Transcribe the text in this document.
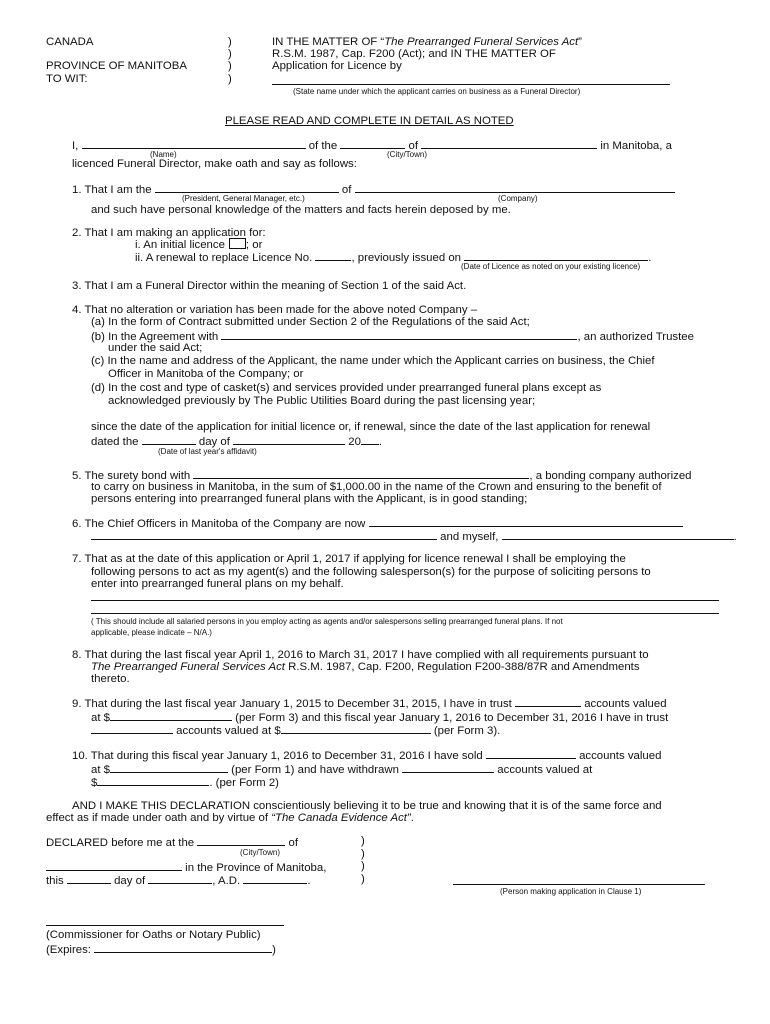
CANADA
PROVINCE OF MANITOBA
TO WIT:
)
)
)
)
IN THE MATTER OF “The Prearranged Funeral Services Act”
R.S.M. 1987, Cap. F200 (Act); and IN THE MATTER OF
Application for Licence by
(State name under which the applicant carries on business as a Funeral Director)
PLEASE READ AND COMPLETE IN DETAIL AS NOTED
I,	of the	of	in Manitoba, a
(Name)	(City/Town)
licenced Funeral Director, make oath and say as follows:
1. That I am the	of
(President, General Manager, etc.)	(Company)
and such have personal knowledge of the matters and facts herein deposed by me.
2. That I am making an application for:
i. An initial licence ; or
ii. A renewal to replace Licence No.	, previously issued on	.
(Date of Licence as noted on your existing licence)
3. That I am a Funeral Director within the meaning of Section 1 of the said Act.
4. That no alteration or variation has been made for the above noted Company –
(a) In the form of Contract submitted under Section 2 of the Regulations of the said Act;
(b) In the Agreement with	, an authorized Trustee
under the said Act;
(c) In the name and address of the Applicant, the name under which the Applicant carries on business, the Chief
Officer in Manitoba of the Company; or
(d) In the cost and type of casket(s) and services provided under prearranged funeral plans except as
acknowledged previously by The Public Utilities Board during the past licensing year;
since the date of the application for initial licence or, if renewal, since the date of the last application for renewal
dated the	day of	20 .
(Date of last year's affidavit)
5. The surety bond with	, a bonding company authorized
to carry on business in Manitoba, in the sum of $1,000.00 in the name of the Crown and ensuring to the benefit of
persons entering into prearranged funeral plans with the Applicant, is in good standing;
6. The Chief Officers in Manitoba of the Company are now
and myself,	.
7. That as at the date of this application or April 1, 2017 if applying for licence renewal I shall be employing the
following persons to act as my agent(s) and the following salesperson(s) for the purpose of soliciting persons to
enter into prearranged funeral plans on my behalf.
( This should include all salaried persons in you employ acting as agents and/or salespersons selling prearranged funeral plans. If not
applicable, please indicate – N/A.)
8. That during the last fiscal year April 1, 2016 to March 31, 2017 I have complied with all requirements pursuant to
The Prearranged Funeral Services Act R.S.M. 1987, Cap. F200, Regulation F200-388/87R and Amendments
thereto.
9. That during the last fiscal year January 1, 2015 to December 31, 2015, I have in trust	accounts valued
at $	(per Form 3) and this fiscal year January 1, 2016 to December 31, 2016 I have in trust
accounts valued at $	(per Form 3).
10. That during this fiscal year January 1, 2016 to December 31, 2016 I have sold	accounts valued
at $	(per Form 1) and have withdrawn	accounts valued at
$	. (per Form 2)
AND I MAKE THIS DECLARATION conscientiously believing it to be true and knowing that it is of the same force and
effect as if made under oath and by virtue of “The Canada Evidence Act”.
DECLARED before me at the	of
(City/Town)
in the Province of Manitoba,
this	day of	, A.D.	.
)
)
)
)
(Person making application in Clause 1)
(Commissioner for Oaths or Notary Public)
(Expires:	)
